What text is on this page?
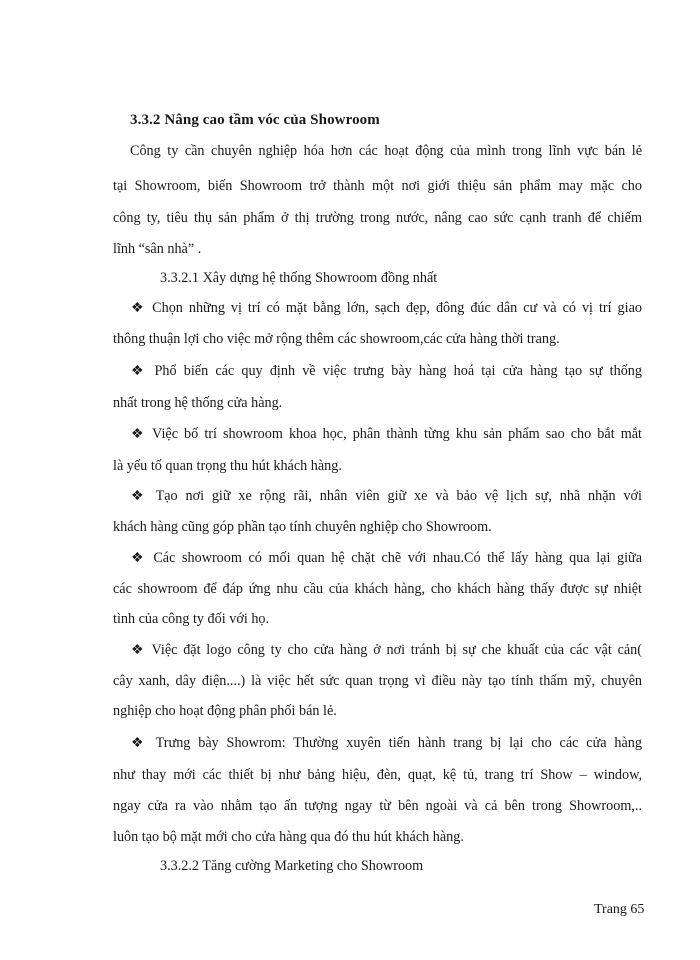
3.3.2 Nâng cao tầm vóc của Showroom
Công ty cần chuyên nghiệp hóa hơn các hoạt động của mình trong lĩnh vực bán lẻ
tại Showroom, biến Showroom trở thành một nơi giới thiệu sản phẩm may mặc cho
công ty, tiêu thụ sản phẩm ở thị trường trong nước, nâng cao sức cạnh tranh để chiếm
lĩnh “sân nhà” .
3.3.2.1 Xây dựng hệ thống Showroom đồng nhất
❖ Chọn những vị trí có mặt bằng lớn, sạch đẹp, đông đúc dân cư và có vị trí giao
thông thuận lợi cho việc mở rộng thêm các showroom,các cửa hàng thời trang.
❖ Phổ biến các quy định về việc trưng bày hàng hoá tại cửa hàng tạo sự thống
nhất trong hệ thống cửa hàng.
❖ Việc bố trí showroom khoa học, phân thành từng khu sản phẩm sao cho bắt mắt
là yếu tố quan trọng thu hút khách hàng.
❖ Tạo nơi giữ xe rộng rãi, nhân viên giữ xe và bảo vệ lịch sự, nhã nhặn với
khách hàng cũng góp phần tạo tính chuyên nghiệp cho Showroom.
❖ Các showroom có mối quan hệ chặt chẽ với nhau.Có thể lấy hàng qua lại giữa
các showroom để đáp ứng nhu cầu của khách hàng, cho khách hàng thấy được sự nhiệt
tình của công ty đối với họ.
❖ Việc đặt logo công ty cho cửa hàng ở nơi tránh bị sự che khuất của các vật cản(
cây xanh, dây điện....) là việc hết sức quan trọng vì điều này tạo tính thẩm mỹ, chuyên
nghiệp cho hoạt động phân phối bán lẻ.
❖ Trưng bày Showrom: Thường xuyên tiến hành trang bị lại cho các cửa hàng
như thay mới các thiết bị như bảng hiệu, đèn, quạt, kệ tủ, trang trí Show – window,
ngay cửa ra vào nhằm tạo ấn tượng ngay từ bên ngoài và cả bên trong Showroom,..
luôn tạo bộ mặt mới cho cửa hàng qua đó thu hút khách hàng.
3.3.2.2 Tăng cường Marketing cho Showroom
Trang 65
